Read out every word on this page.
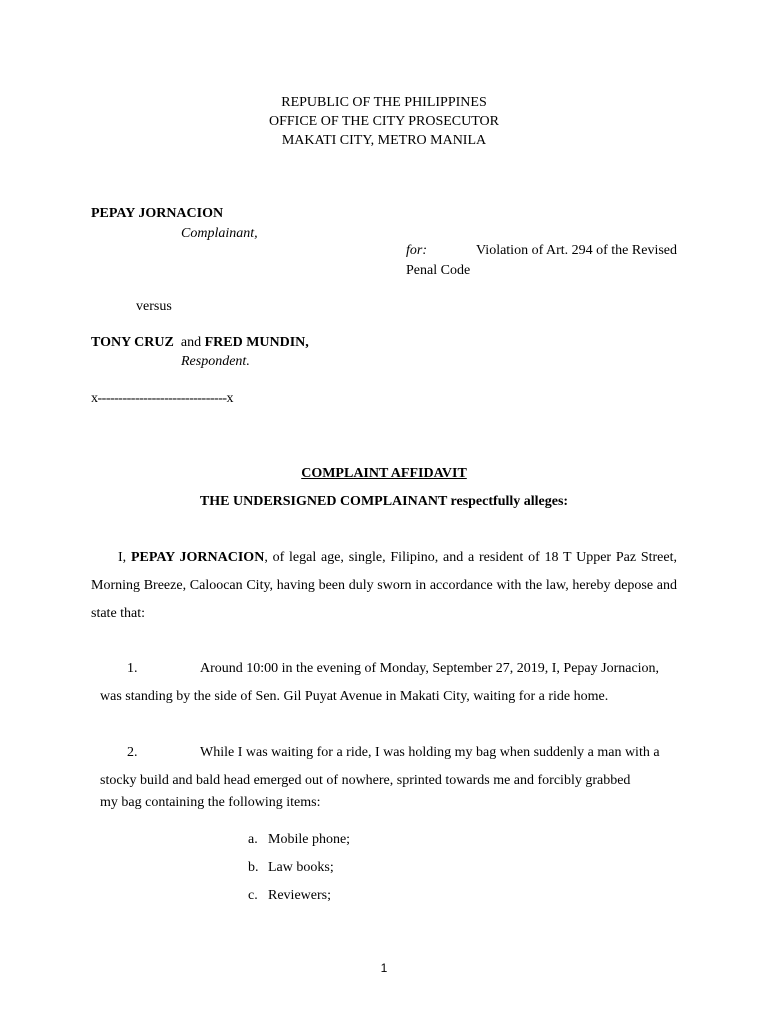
REPUBLIC OF THE PHILIPPINES
OFFICE OF THE CITY PROSECUTOR
MAKATI CITY, METRO MANILA
PEPAY JORNACION
Complainant,
for:	Violation of Art. 294 of the Revised
Penal Code
versus
TONY CRUZ and FRED MUNDIN,
Respondent.
x-------------------------------x
COMPLAINT AFFIDAVIT
THE UNDERSIGNED COMPLAINANT respectfully alleges:
I, PEPAY JORNACION, of legal age, single, Filipino, and a resident of 18 T Upper Paz Street, Morning Breeze, Caloocan City, having been duly sworn in accordance with the law, hereby depose and state that:
1.	Around 10:00 in the evening of Monday, September 27, 2019, I, Pepay Jornacion,
was standing by the side of Sen. Gil Puyat Avenue in Makati City, waiting for a ride home.
2.	While I was waiting for a ride, I was holding my bag when suddenly a man with a
stocky build and bald head emerged out of nowhere, sprinted towards me and forcibly grabbed
my bag containing the following items:
a. Mobile phone;
b. Law books;
c. Reviewers;
1
